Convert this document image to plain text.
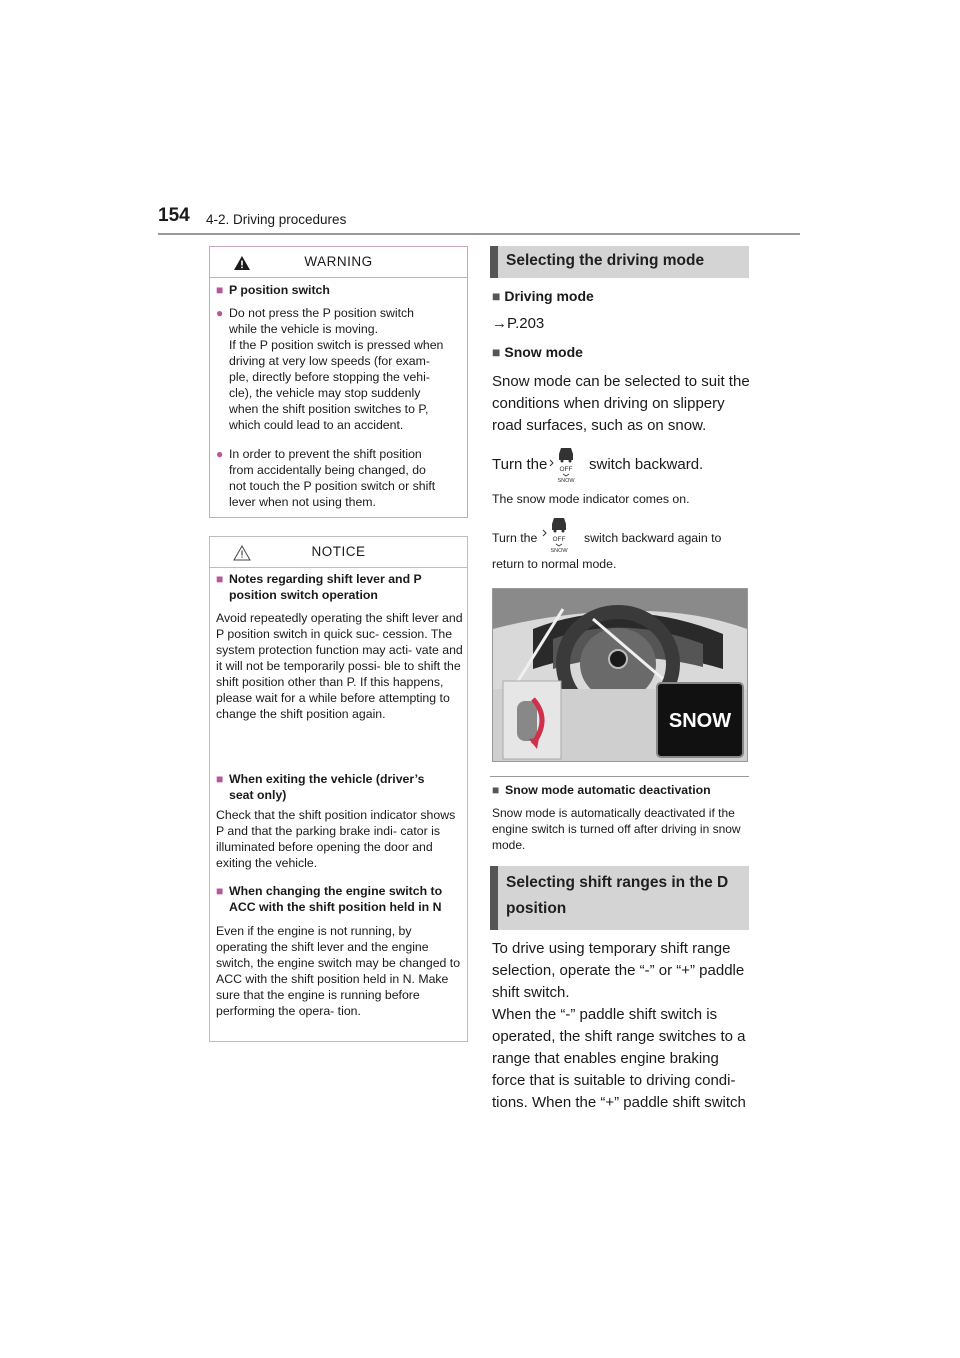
154 4-2. Driving procedures
WARNING
■ P position switch
● Do not press the P position switch
while the vehicle is moving.
If the P position switch is pressed when
driving at very low speeds (for exam-
ple, directly before stopping the vehi-
cle), the vehicle may stop suddenly
when the shift position switches to P,
which could lead to an accident.
● In order to prevent the shift position
from accidentally being changed, do
not touch the P position switch or shift
lever when not using them.
NOTICE
■ Notes regarding shift lever and P
position switch operation
Avoid repeatedly operating the shift lever and P position switch in quick suc- cession. The system protection function may acti- vate and it will not be temporarily possi- ble to shift the shift position other than P. If this happens, please wait for a while before attempting to change the shift position again.
■ When exiting the vehicle (driver’s
seat only)
Check that the shift position indicator shows P and that the parking brake indi- cator is illuminated before opening the door and exiting the vehicle.
■ When changing the engine switch to
ACC with the shift position held in N
Even if the engine is not running, by operating the shift lever and the engine switch, the engine switch may be changed to ACC with the shift position held in N. Make sure that the engine is running before performing the opera- tion.
Selecting the driving mode
■ Driving mode
→P.203
■ Snow mode
Snow mode can be selected to suit the
conditions when driving on slippery
road surfaces, such as on snow.
Turn the OFF
SNOW
switch backward.
The snow mode indicator comes on.
Turn the OFF
SNOW
switch backward again to
return to normal mode.
SNOW
■ Snow mode automatic deactivation
Snow mode is automatically deactivated if the engine switch is turned off after driving in snow mode.
Selecting shift ranges in the D
position
To drive using temporary shift range
selection, operate the “-” or “+” paddle
shift switch.
When the “-” paddle shift switch is
operated, the shift range switches to a
range that enables engine braking
force that is suitable to driving condi-
tions. When the “+” paddle shift switch
